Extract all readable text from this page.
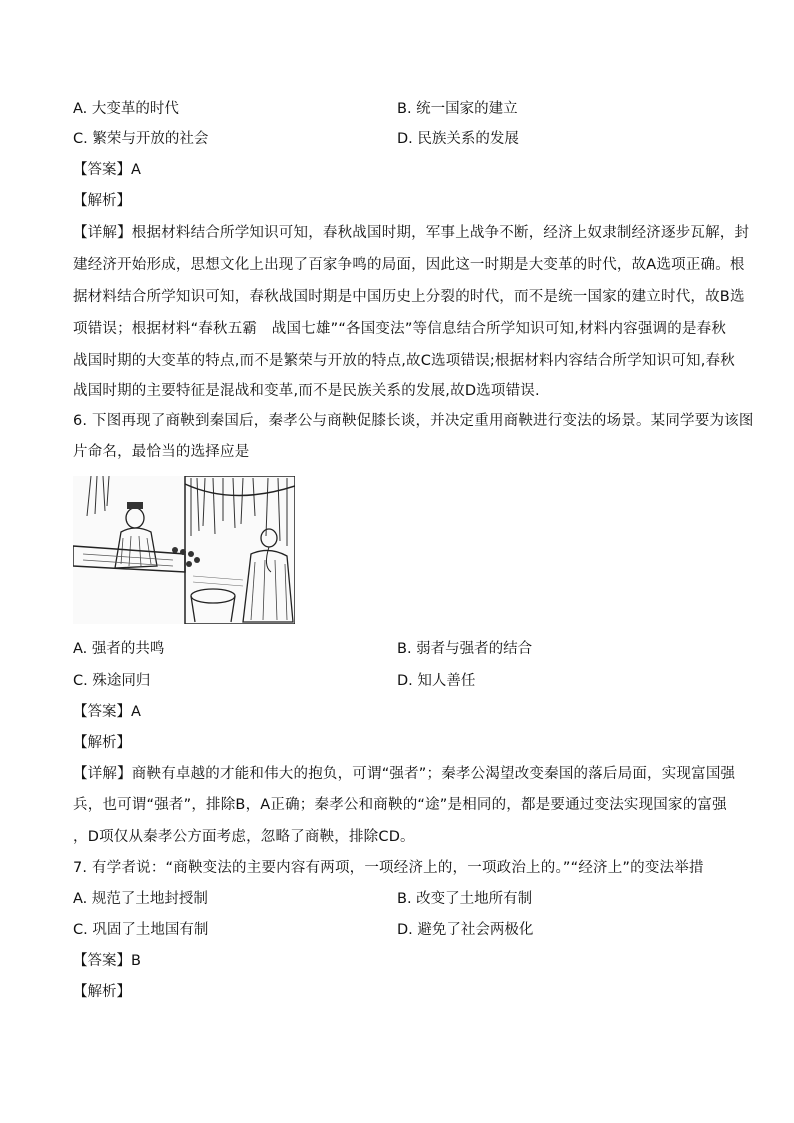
A. 大变革的时代	B. 统一国家的建立
C. 繁荣与开放的社会	D. 民族关系的发展
【答案】A
【解析】
【详解】根据材料结合所学知识可知，春秋战国时期，军事上战争不断，经济上奴隶制经济逐步瓦解，封
建经济开始形成，思想文化上出现了百家争鸣的局面，因此这一时期是大变革的时代，故A选项正确。根
据材料结合所学知识可知，春秋战国时期是中国历史上分裂的时代，而不是统一国家的建立时代，故B选
项错误；根据材料“春秋五霸　战国七雄”“各国变法”等信息结合所学知识可知,材料内容强调的是春秋
战国时期的大变革的特点,而不是繁荣与开放的特点,故C选项错误;根据材料内容结合所学知识可知,春秋
战国时期的主要特征是混战和变革,而不是民族关系的发展,故D选项错误.
6. 下图再现了商鞅到秦国后，秦孝公与商鞅促膝长谈，并决定重用商鞅进行变法的场景。某同学要为该图
片命名，最恰当的选择应是
A. 强者的共鸣	B. 弱者与强者的结合
C. 殊途同归	D. 知人善任
【答案】A
【解析】
【详解】商鞅有卓越的才能和伟大的抱负，可谓“强者”；秦孝公渴望改变秦国的落后局面，实现富国强
兵，也可谓“强者”，排除B，A正确；秦孝公和商鞅的“途”是相同的，都是要通过变法实现国家的富强
，D项仅从秦孝公方面考虑，忽略了商鞅，排除CD。
7. 有学者说：“商鞅变法的主要内容有两项，一项经济上的，一项政治上的。”“经济上”的变法举措
A. 规范了土地封授制	B. 改变了土地所有制
C. 巩固了土地国有制	D. 避免了社会两极化
【答案】B
【解析】
